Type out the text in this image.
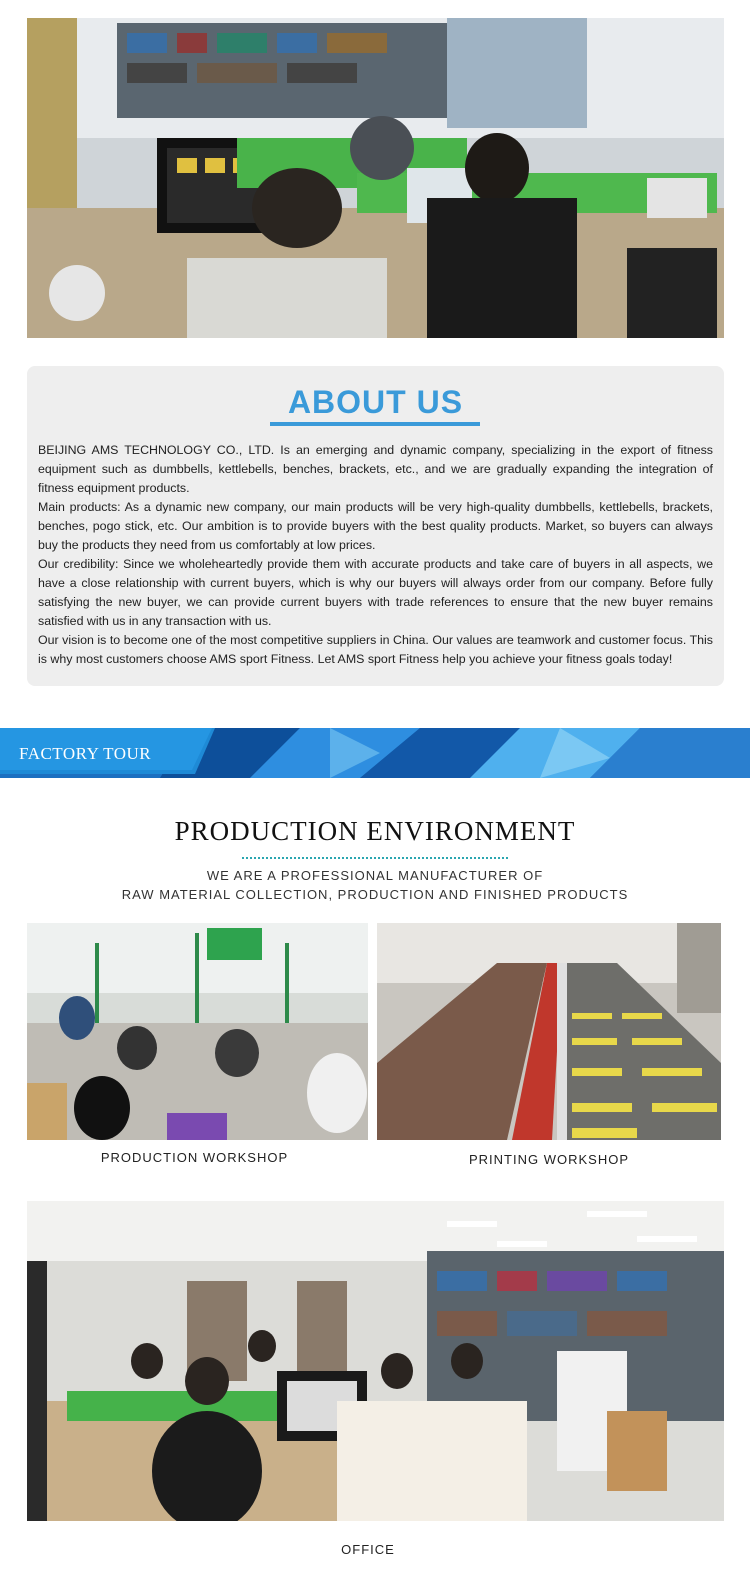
ABOUT US

BEIJING AMS TECHNOLOGY CO., LTD. Is an emerging and dynamic company, specializing in the export of fitness equipment such as dumbbells, kettlebells, benches, brackets, etc., and we are gradually expanding the integration of fitness equipment products.

Main products: As a dynamic new company, our main products will be very high-quality dumbbells, kettlebells, brackets, benches, pogo stick, etc. Our ambition is to provide buyers with the best quality products. Market, so buyers can always buy the products they need from us comfortably at low prices.

Our credibility: Since we wholeheartedly provide them with accurate products and take care of buyers in all aspects, we have a close relationship with current buyers, which is why our buyers will always order from our company. Before fully satisfying the new buyer, we can provide current buyers with trade references to ensure that the new buyer remains satisfied with us in any transaction with us.

Our vision is to become one of the most competitive suppliers in China. Our values are teamwork and customer focus. This is why most customers choose AMS sport Fitness. Let AMS sport Fitness help you achieve your fitness goals today!

FACTORY TOUR
PRODUCTION ENVIRONMENT
WE ARE A PROFESSIONAL MANUFACTURER OF
RAW MATERIAL COLLECTION, PRODUCTION AND FINISHED PRODUCTS
PRODUCTION WORKSHOP	PRINTING WORKSHOP
OFFICE
